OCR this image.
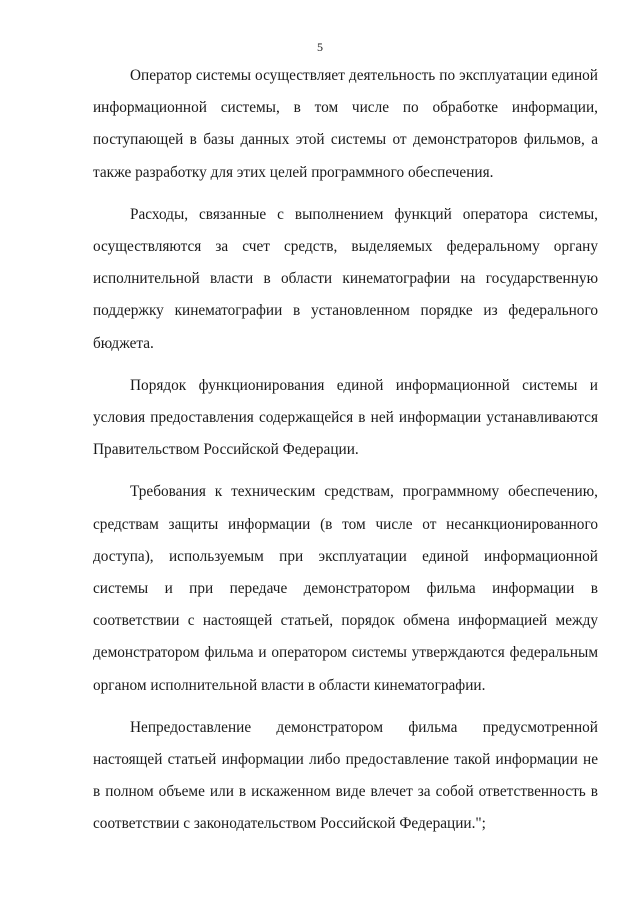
5

Оператор системы осуществляет деятельность по эксплуатации единой информационной системы, в том числе по обработке информации, поступающей в базы данных этой системы от демонстраторов фильмов, а также разработку для этих целей программного обеспечения.

Расходы, связанные с выполнением функций оператора системы, осуществляются за счет средств, выделяемых федеральному органу исполнительной власти в области кинематографии на государственную поддержку кинематографии в установленном порядке из федерального бюджета.

Порядок функционирования единой информационной системы и условия предоставления содержащейся в ней информации устанавливаются Правительством Российской Федерации.

Требования к техническим средствам, программному обеспечению, средствам защиты информации (в том числе от несанкционированного доступа), используемым при эксплуатации единой информационной системы и при передаче демонстратором фильма информации в соответствии с настоящей статьей, порядок обмена информацией между демонстратором фильма и оператором системы утверждаются федеральным органом исполнительной власти в области кинематографии.

Непредоставление демонстратором фильма предусмотренной настоящей статьей информации либо предоставление такой информации не в полном объеме или в искаженном виде влечет за собой ответственность в соответствии с законодательством Российской Федерации.";
